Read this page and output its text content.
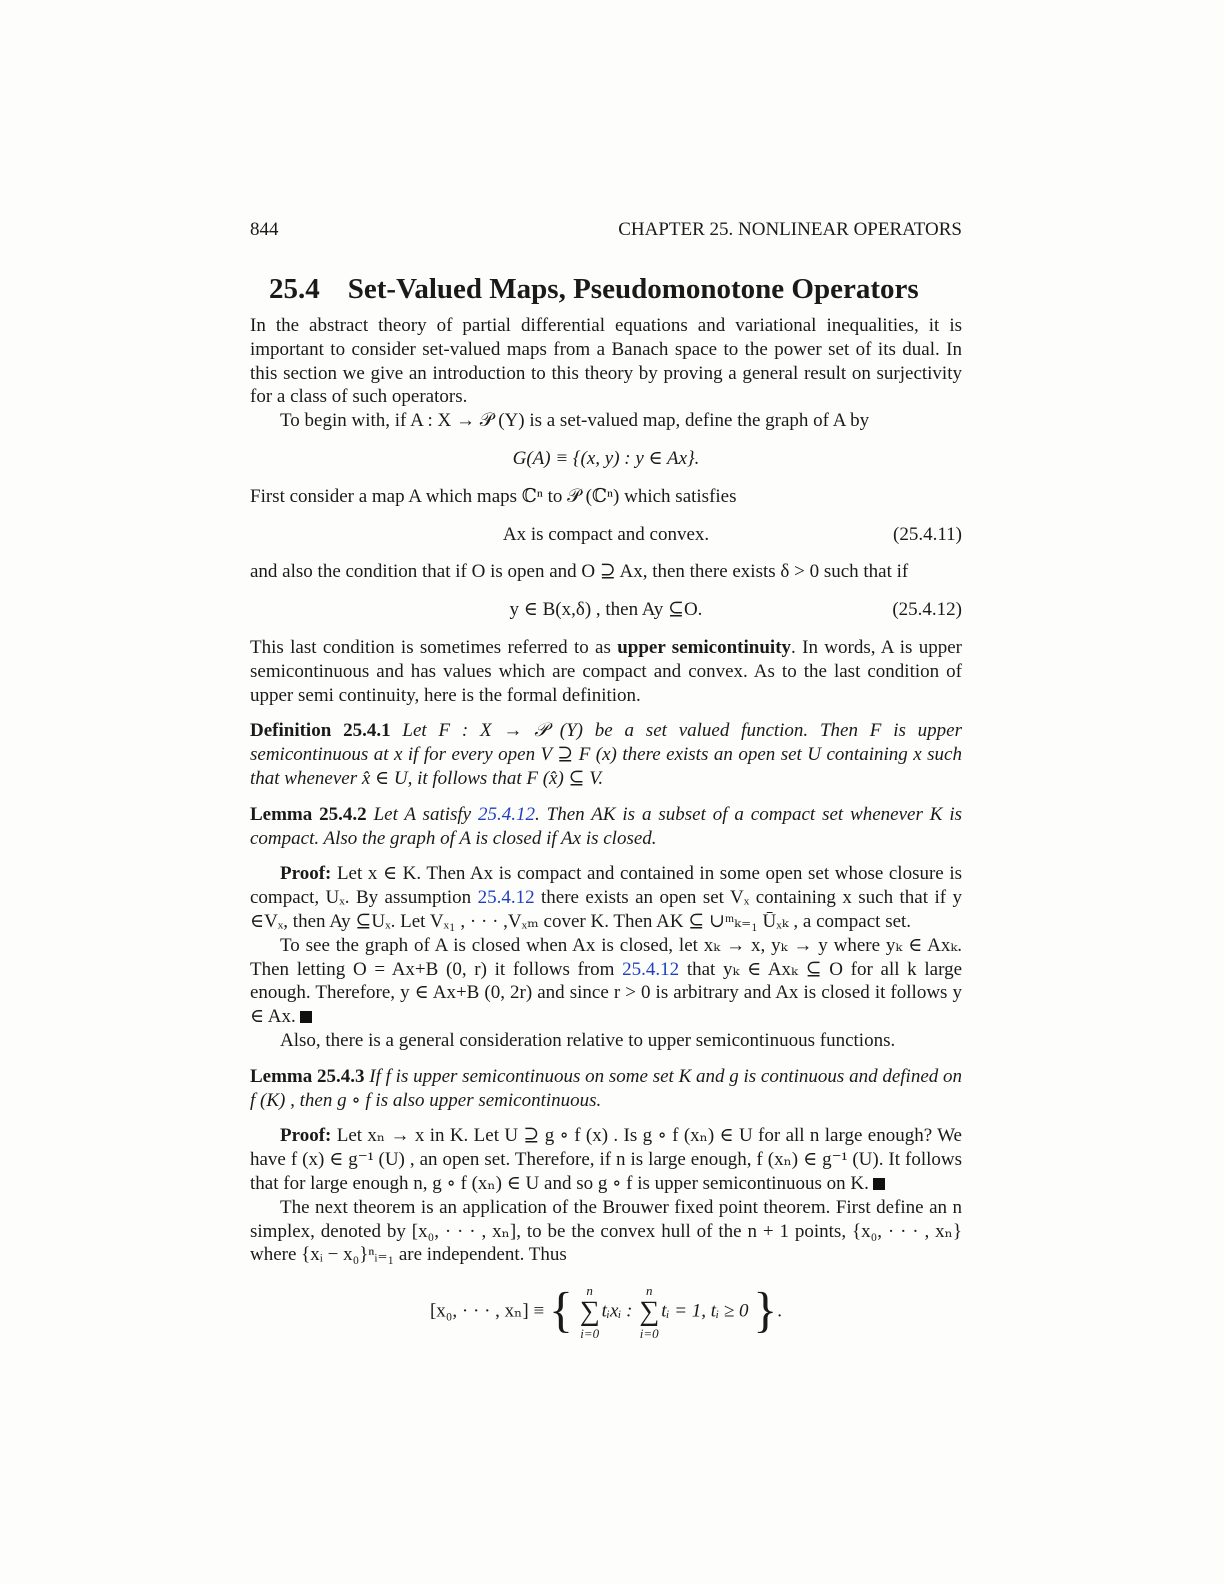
844	CHAPTER 25. NONLINEAR OPERATORS
25.4 Set-Valued Maps, Pseudomonotone Operators

In the abstract theory of partial differential equations and variational inequalities, it is important to consider set-valued maps from a Banach space to the power set of its dual. In this section we give an introduction to this theory by proving a general result on surjectivity for a class of such operators.

To begin with, if A : X → 𝒫 (Y) is a set-valued map, define the graph of A by

G(A) ≡ {(x, y) : y ∈ Ax}.

First consider a map A which maps ℂⁿ to 𝒫 (ℂⁿ) which satisfies

Ax is compact and convex.	(25.4.11)

and also the condition that if O is open and O ⊇ Ax, then there exists δ > 0 such that if

y ∈ B(x,δ) , then Ay ⊆O.	(25.4.12)

This last condition is sometimes referred to as upper semicontinuity. In words, A is upper semicontinuous and has values which are compact and convex. As to the last condition of upper semi continuity, here is the formal definition.

Definition 25.4.1 Let F : X → 𝒫 (Y) be a set valued function. Then F is upper semicontinuous at x if for every open V ⊇ F (x) there exists an open set U containing x such that whenever x̂ ∈ U, it follows that F (x̂) ⊆ V.

Lemma 25.4.2 Let A satisfy 25.4.12. Then AK is a subset of a compact set whenever K is compact. Also the graph of A is closed if Ax is closed.

Proof: Let x ∈ K. Then Ax is compact and contained in some open set whose closure is compact, Uₓ. By assumption 25.4.12 there exists an open set Vₓ containing x such that if y ∈Vₓ, then Ay ⊆Uₓ. Let Vₓ₁ , · · · ,Vₓₘ cover K. Then AK ⊆ ∪ᵐₖ₌₁ Ūₓₖ , a compact set.

To see the graph of A is closed when Ax is closed, let xₖ → x, yₖ → y where yₖ ∈ Axₖ. Then letting O = Ax+B (0, r) it follows from 25.4.12 that yₖ ∈ Axₖ ⊆ O for all k large enough. Therefore, y ∈ Ax+B (0, 2r) and since r > 0 is arbitrary and Ax is closed it follows y ∈ Ax.

Also, there is a general consideration relative to upper semicontinuous functions.

Lemma 25.4.3 If f is upper semicontinuous on some set K and g is continuous and defined on f (K) , then g ∘ f is also upper semicontinuous.

Proof: Let xₙ → x in K. Let U ⊇ g ∘ f (x) . Is g ∘ f (xₙ) ∈ U for all n large enough? We have f (x) ∈ g⁻¹ (U) , an open set. Therefore, if n is large enough, f (xₙ) ∈ g⁻¹ (U). It follows that for large enough n, g ∘ f (xₙ) ∈ U and so g ∘ f is upper semicontinuous on K.

The next theorem is an application of the Brouwer fixed point theorem. First define an n simplex, denoted by [x₀, · · · , xₙ], to be the convex hull of the n + 1 points, {x₀, · · · , xₙ} where {xᵢ − x₀}ⁿᵢ₌₁ are independent. Thus

[x₀, · · · , xₙ] ≡ {	n
∑
i=0
tᵢxᵢ :
n
∑
i=0
tᵢ = 1, tᵢ ≥ 0 }.
